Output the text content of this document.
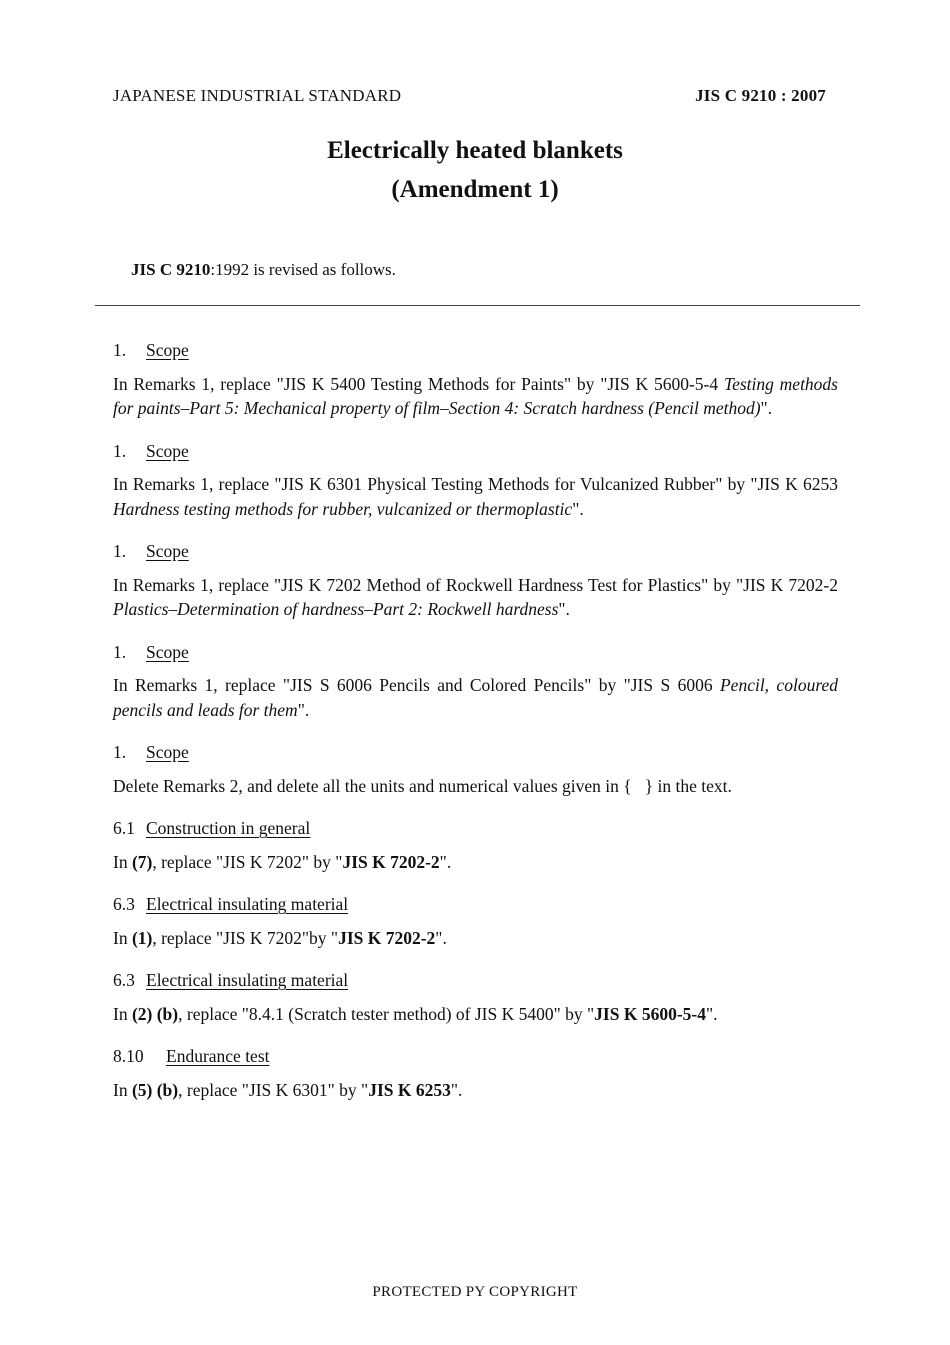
JAPANESE INDUSTRIAL STANDARD	JIS C 9210 : 2007
Electrically heated blankets
(Amendment 1)
JIS C 9210:1992 is revised as follows.
1. Scope
In Remarks 1, replace "JIS K 5400 Testing Methods for Paints" by "JIS K 5600-5-4 Testing methods for paints–Part 5: Mechanical property of film–Section 4: Scratch hardness (Pencil method)".
1. Scope
In Remarks 1, replace "JIS K 6301 Physical Testing Methods for Vulcanized Rubber" by "JIS K 6253 Hardness testing methods for rubber, vulcanized or thermoplastic".
1. Scope
In Remarks 1, replace "JIS K 7202 Method of Rockwell Hardness Test for Plastics" by "JIS K 7202-2 Plastics–Determination of hardness–Part 2: Rockwell hardness".
1. Scope
In Remarks 1, replace "JIS S 6006 Pencils and Colored Pencils" by "JIS S 6006 Pencil, coloured pencils and leads for them".
1. Scope
Delete Remarks 2, and delete all the units and numerical values given in {   } in the text.
6.1 Construction in general
In (7), replace "JIS K 7202" by "JIS K 7202-2".
6.3 Electrical insulating material
In (1), replace "JIS K 7202"by "JIS K 7202-2".
6.3 Electrical insulating material
In (2) (b), replace "8.4.1 (Scratch tester method) of JIS K 5400" by "JIS K 5600-5-4".
8.10 Endurance test
In (5) (b), replace "JIS K 6301" by "JIS K 6253".
PROTECTED PY COPYRIGHT
